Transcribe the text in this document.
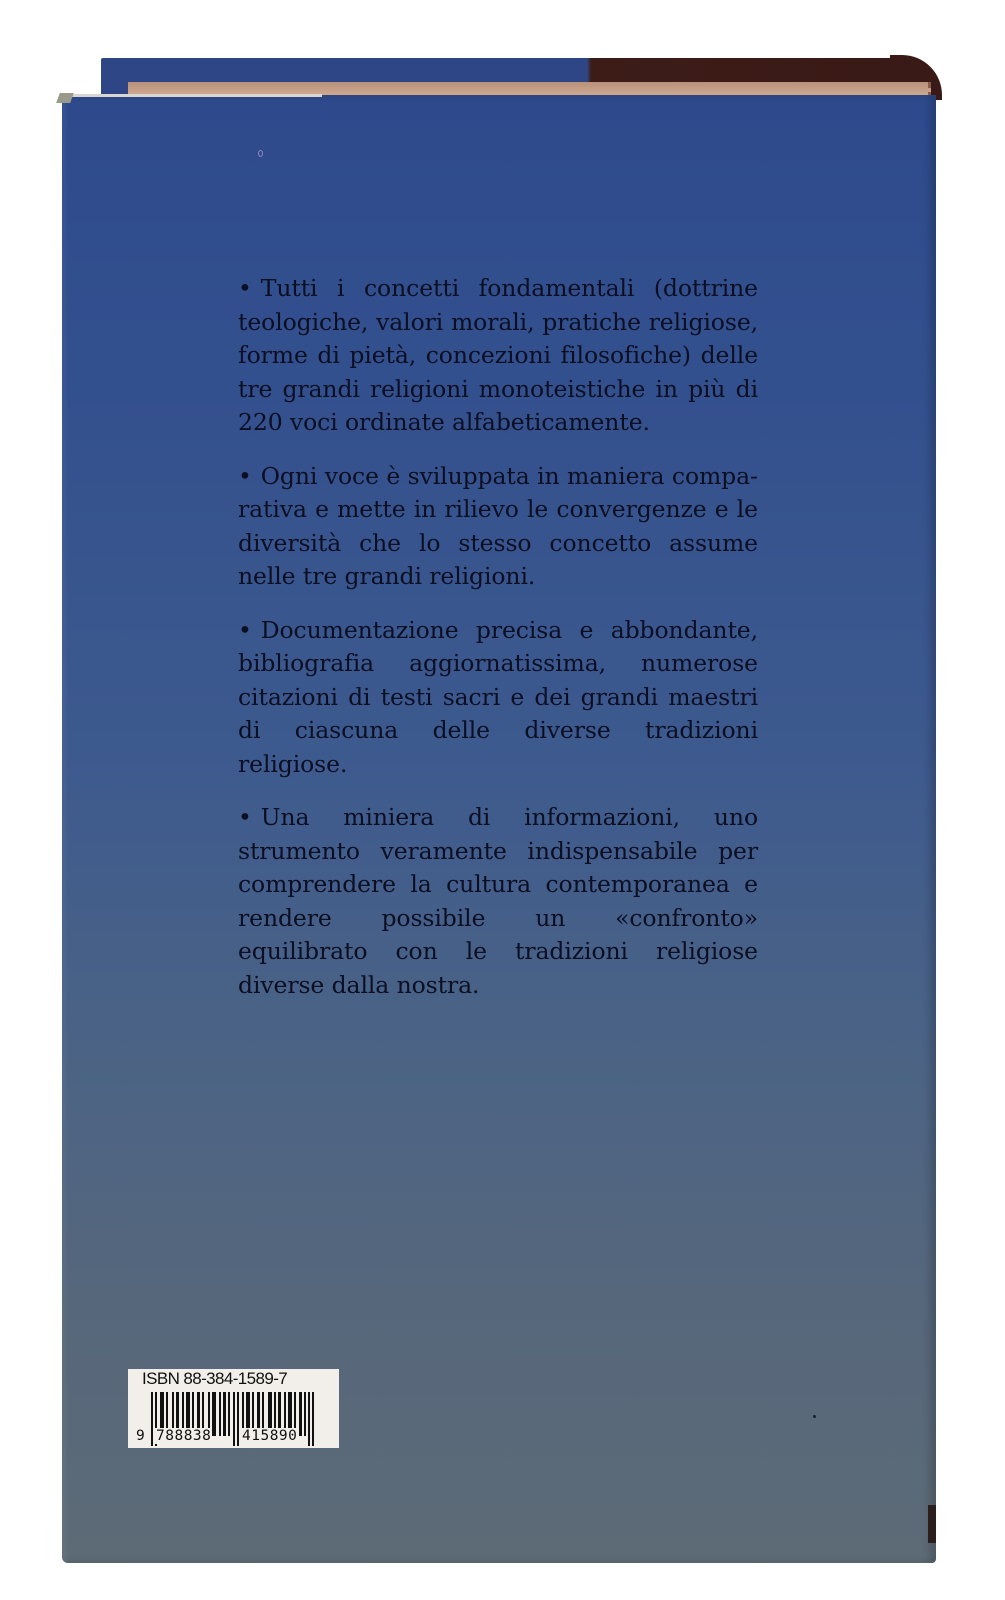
• Tutti i concetti fondamentali (dottrine teologiche, valori morali, pratiche religiose, forme di pietà, concezioni filosofiche) delle tre grandi religioni monoteistiche in più di 220 voci ordinate alfabeticamente.

• Ogni voce è sviluppata in maniera comparativa e mette in rilievo le convergenze e le diversità che lo stesso concetto assume nelle tre grandi religioni.

• Documentazione precisa e abbondante, bibliografia aggiornatissima, numerose citazioni di testi sacri e dei grandi maestri di ciascuna delle diverse tradizioni religiose.

• Una miniera di informazioni, uno strumento veramente indispensabile per comprendere la cultura contemporanea e rendere possibile un «confronto» equilibrato con le tradizioni religiose diverse dalla nostra.

ISBN 88-384-1589-7
9 788838 415890
